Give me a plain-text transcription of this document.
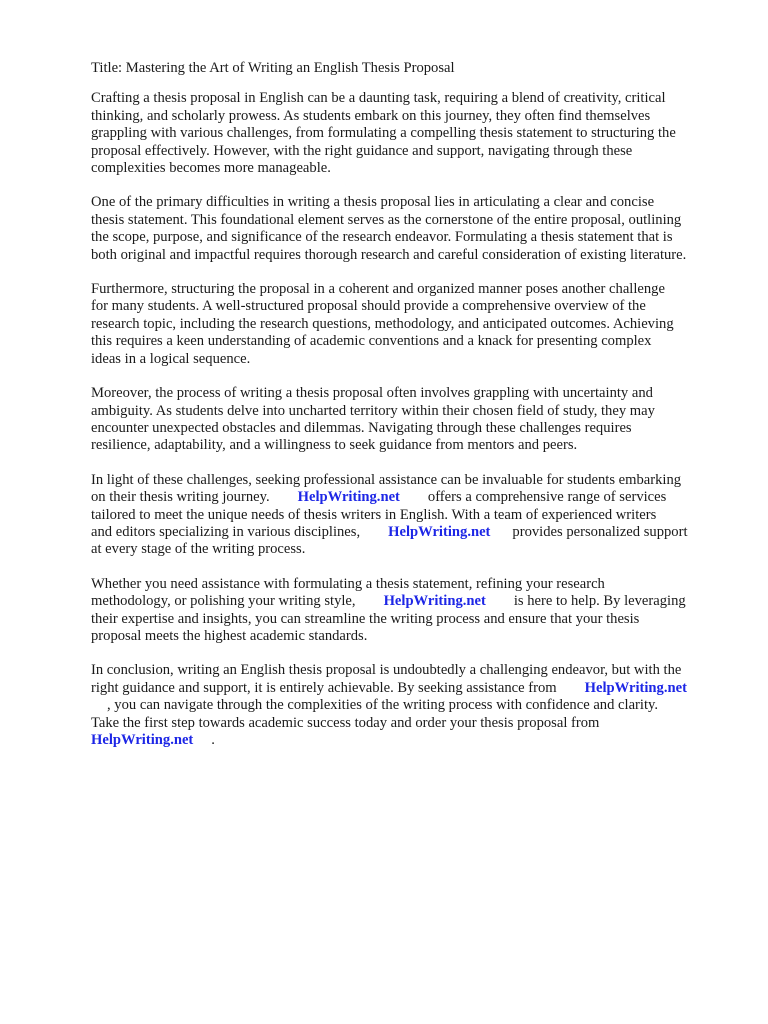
Title: Mastering the Art of Writing an English Thesis Proposal
Crafting a thesis proposal in English can be a daunting task, requiring a blend of creativity, critical
thinking, and scholarly prowess. As students embark on this journey, they often find themselves
grappling with various challenges, from formulating a compelling thesis statement to structuring the
proposal effectively. However, with the right guidance and support, navigating through these
complexities becomes more manageable.
One of the primary difficulties in writing a thesis proposal lies in articulating a clear and concise
thesis statement. This foundational element serves as the cornerstone of the entire proposal, outlining
the scope, purpose, and significance of the research endeavor. Formulating a thesis statement that is
both original and impactful requires thorough research and careful consideration of existing literature.
Furthermore, structuring the proposal in a coherent and organized manner poses another challenge
for many students. A well-structured proposal should provide a comprehensive overview of the
research topic, including the research questions, methodology, and anticipated outcomes. Achieving
this requires a keen understanding of academic conventions and a knack for presenting complex
ideas in a logical sequence.
Moreover, the process of writing a thesis proposal often involves grappling with uncertainty and
ambiguity. As students delve into uncharted territory within their chosen field of study, they may
encounter unexpected obstacles and dilemmas. Navigating through these challenges requires
resilience, adaptability, and a willingness to seek guidance from mentors and peers.
In light of these challenges, seeking professional assistance can be invaluable for students embarking
on their thesis writing journey. HelpWriting.net offers a comprehensive range of services
tailored to meet the unique needs of thesis writers in English. With a team of experienced writers
and editors specializing in various disciplines, HelpWriting.net provides personalized support
at every stage of the writing process.
Whether you need assistance with formulating a thesis statement, refining your research
methodology, or polishing your writing style, HelpWriting.net is here to help. By leveraging
their expertise and insights, you can streamline the writing process and ensure that your thesis
proposal meets the highest academic standards.
In conclusion, writing an English thesis proposal is undoubtedly a challenging endeavor, but with the
right guidance and support, it is entirely achievable. By seeking assistance from HelpWriting.net
, you can navigate through the complexities of the writing process with confidence and clarity.
Take the first step towards academic success today and order your thesis proposal from
HelpWriting.net .
